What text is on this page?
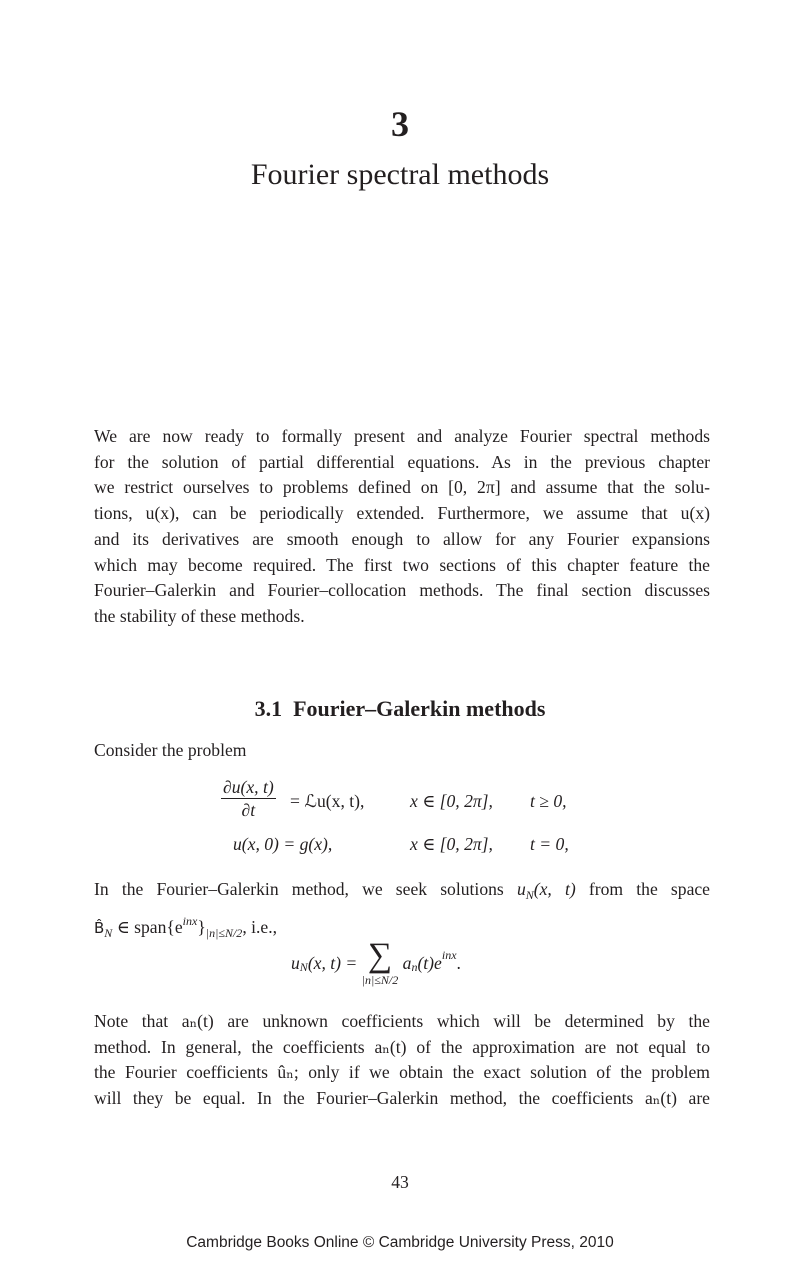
3
Fourier spectral methods
We are now ready to formally present and analyze Fourier spectral methods
for the solution of partial differential equations. As in the previous chapter
we restrict ourselves to problems defined on [0, 2π] and assume that the solu-
tions, u(x), can be periodically extended. Furthermore, we assume that u(x)
and its derivatives are smooth enough to allow for any Fourier expansions
which may become required. The first two sections of this chapter feature the
Fourier–Galerkin and Fourier–collocation methods. The final section discusses
the stability of these methods.
3.1 Fourier–Galerkin methods
Consider the problem
$\frac{\partial u(x, t)}{\partial t}$ = ℒu(x, t),	x ∈ [0, 2π], t ≥ 0,
u(x, 0) = g(x),	x ∈ [0, 2π], t = 0,
In the Fourier–Galerkin method, we seek solutions $u_N(x$, t) from the space
$B̂_N$ ∈ $span\{e^{inx}\}_{|n|\le N/2}$, i.e.,
$u_N(x$, t) = ∑
|n|≤N/2
$a_n(t)e^{inx}$.
Note that aₙ(t) are unknown coefficients which will be determined by the
method. In general, the coefficients aₙ(t) of the approximation are not equal to
the Fourier coefficients ûₙ; only if we obtain the exact solution of the problem
will they be equal. In the Fourier–Galerkin method, the coefficients aₙ(t) are
43
Cambridge Books Online © Cambridge University Press, 2010
